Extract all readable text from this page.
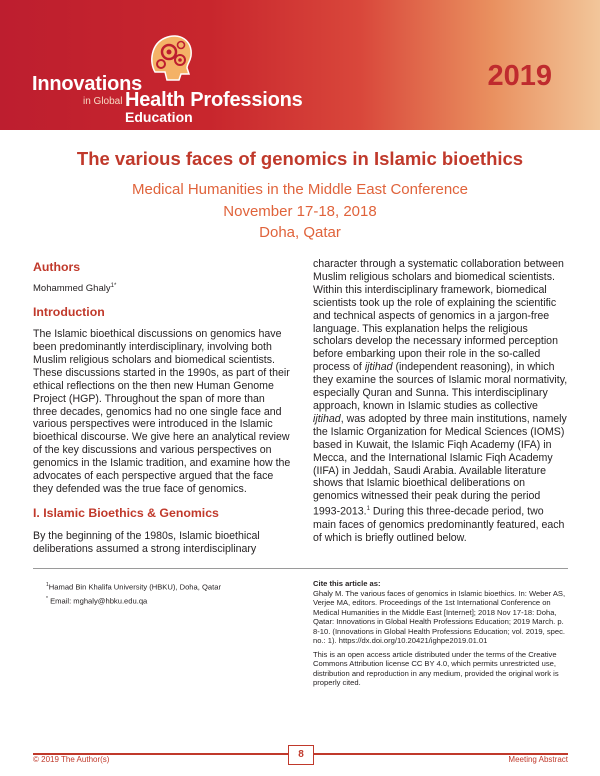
Innovations
in Global Health Professions
Education
2019
The various faces of genomics in Islamic bioethics
Medical Humanities in the Middle East Conference
November 17-18, 2018
Doha, Qatar
Authors

Mohammed Ghaly$^{1*}$

Introduction

The Islamic bioethical discussions on genomics have been predominantly interdisciplinary, involving both Muslim religious scholars and biomedical scientists. These discussions started in the 1990s, as part of their ethical reflections on the then new Human Genome Project (HGP). Throughout the span of more than three decades, genomics had no one single face and various perspectives were introduced in the Islamic bioethical discourse. We give here an analytical review of the key discussions and various perspectives on genomics in the Islamic tradition, and examine how the advocates of each perspective argued that the face they defended was the true face of genomics.

I. Islamic Bioethics & Genomics

By the beginning of the 1980s, Islamic bioethical deliberations assumed a strong interdisciplinary

character through a systematic collaboration between Muslim religious scholars and biomedical scientists. Within this interdisciplinary framework, biomedical scientists took up the role of explaining the scientific and technical aspects of genomics in a jargon-free language. This explanation helps the religious scholars develop the necessary informed perception before embarking upon their role in the so-called process of ijtihad (independent reasoning), in which they examine the sources of Islamic moral normativity, especially Quran and Sunna. This interdisciplinary approach, known in Islamic studies as collective ijtihad, was adopted by three main institutions, namely the Islamic Organization for Medical Sciences (IOMS) based in Kuwait, the Islamic Fiqh Academy (IFA) in Mecca, and the International Islamic Fiqh Academy (IIFA) in Jeddah, Saudi Arabia. Available literature shows that Islamic bioethical deliberations on genomics witnessed their peak during the period 1993-2013.$^1$ During this three-decade period, two main faces of genomics predominantly featured, each of which is briefly outlined below.

$^1$Hamad Bin Khalifa University (HBKU), Doha, Qatar
* Email: mghaly@hbku.edu.qa

Cite this article as:

Ghaly M. The various faces of genomics in Islamic bioethics. In: Weber AS, Verjee MA, editors. Proceedings of the 1st International Conference on Medical Humanities in the Middle East [Internet]; 2018 Nov 17-18: Doha, Qatar: Innovations in Global Health Professions Education; 2019 March. p. 8-10. (Innovations in Global Health Professions Education; vol. 2019, spec. no.: 1). https://dx.doi.org/10.20421/ighpe2019.01.01

This is an open access article distributed under the terms of the Creative Commons Attribution license CC BY 4.0, which permits unrestricted use, distribution and reproduction in any medium, provided the original work is properly cited.

© 2019 The Author(s)	8	Meeting Abstract
